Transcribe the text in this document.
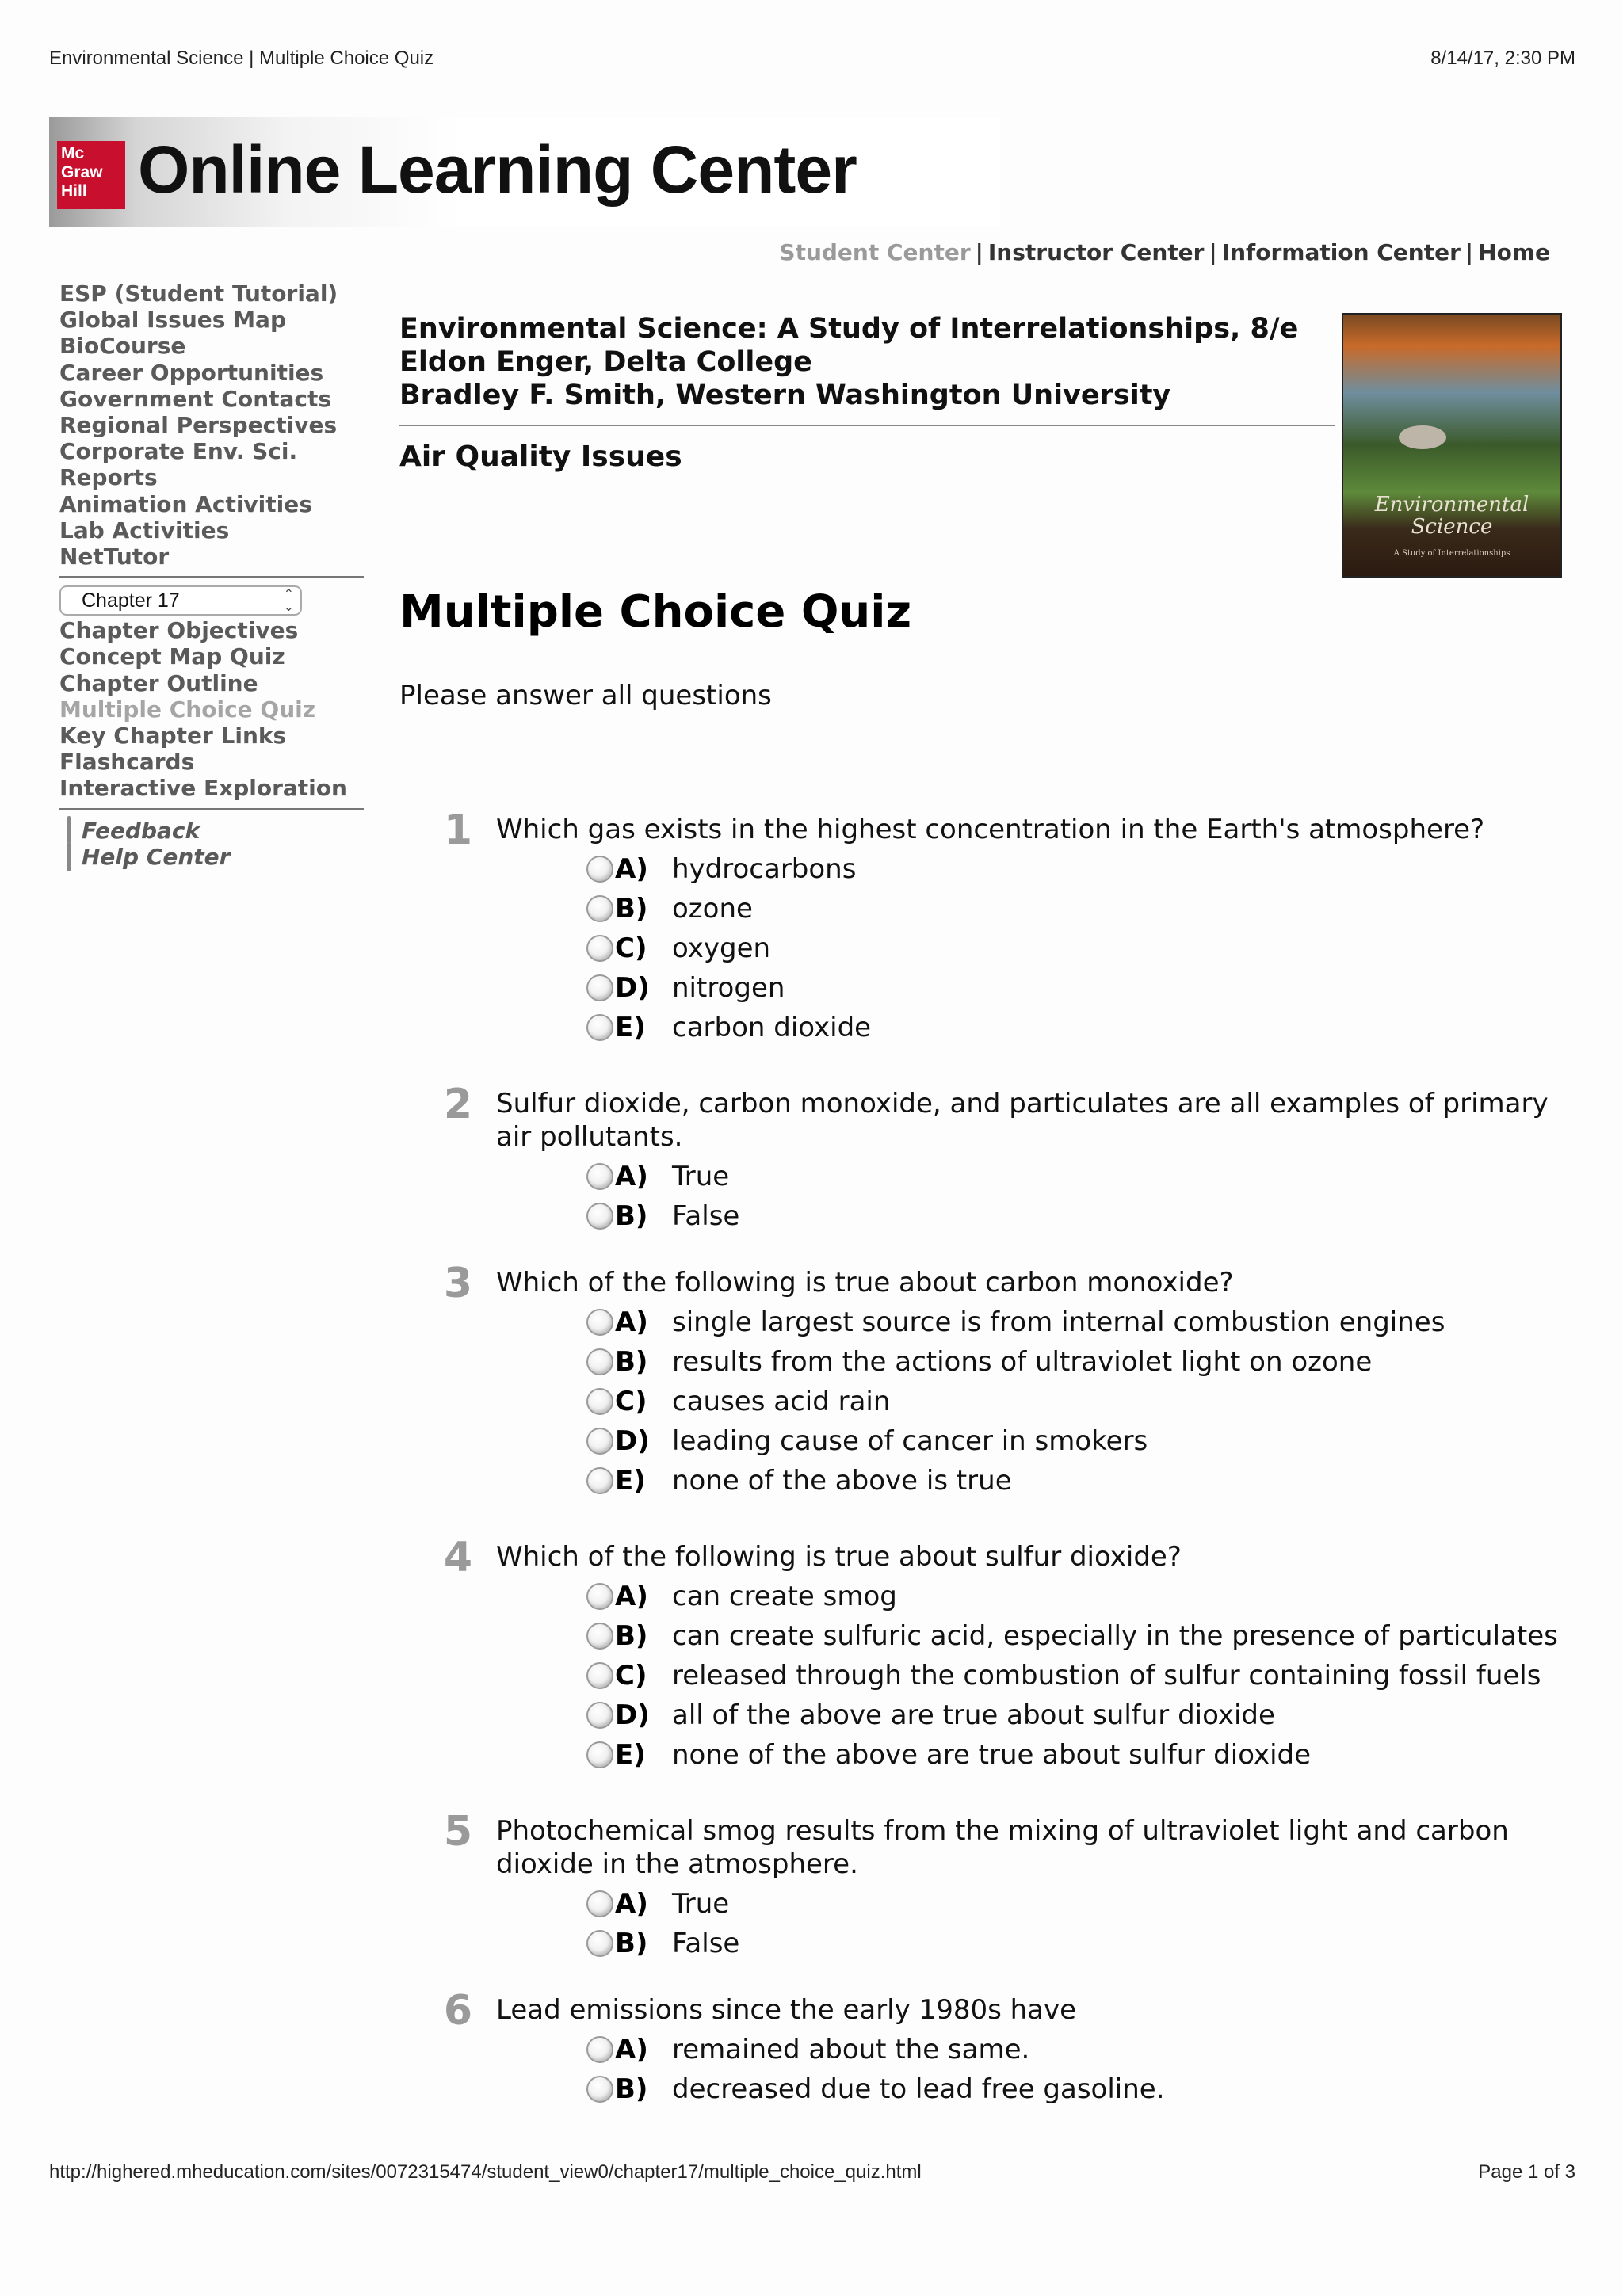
Environmental Science | Multiple Choice Quiz	8/14/17, 2:30 PM
Mc
Graw
Hill Online Learning Center
Student Center | Instructor Center | Information Center | Home
ESP (Student Tutorial)
Global Issues Map
BioCourse
Career Opportunities
Government Contacts
Regional Perspectives
Corporate Env. Sci.
Reports
Animation Activities
Lab Activities
NetTutor
Chapter 17	⌃
⌄
Chapter Objectives
Concept Map Quiz
Chapter Outline
Multiple Choice Quiz
Key Chapter Links
Flashcards
Interactive Exploration
Feedback
Help Center
Environmental Science: A Study of Interrelationships, 8/e
Eldon Enger, Delta College
Bradley F. Smith, Western Washington University
Air Quality Issues
Environmental Science
A Study of Interrelationships
Multiple Choice Quiz
Please answer all questions
1 Which gas exists in the highest concentration in the Earth's atmosphere?
A) hydrocarbons
B) ozone
C) oxygen
D) nitrogen
E) carbon dioxide
2 Sulfur dioxide, carbon monoxide, and particulates are all examples of primary air pollutants.
A) True
B) False
3 Which of the following is true about carbon monoxide?
A) single largest source is from internal combustion engines
B) results from the actions of ultraviolet light on ozone
C) causes acid rain
D) leading cause of cancer in smokers
E) none of the above is true
4 Which of the following is true about sulfur dioxide?
A) can create smog
B) can create sulfuric acid, especially in the presence of particulates
C) released through the combustion of sulfur containing fossil fuels
D) all of the above are true about sulfur dioxide
E) none of the above are true about sulfur dioxide
5 Photochemical smog results from the mixing of ultraviolet light and carbon dioxide in the atmosphere.
A) True
B) False
6 Lead emissions since the early 1980s have
A) remained about the same.
B) decreased due to lead free gasoline.
http://highered.mheducation.com/sites/0072315474/student_view0/chapter17/multiple_choice_quiz.html	Page 1 of 3
